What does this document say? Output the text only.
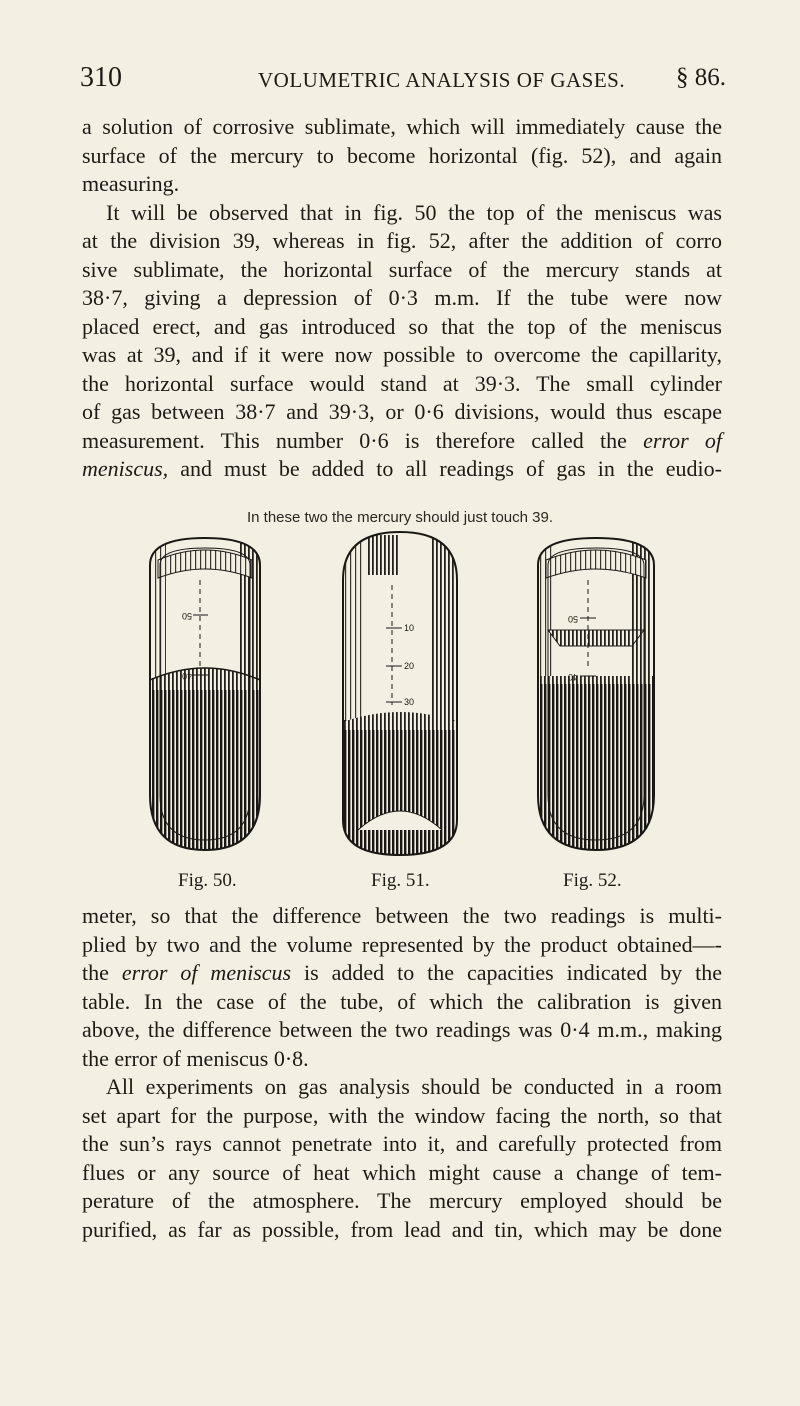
310	VOLUMETRIC ANALYSIS OF GASES. § 86.
a solution of corrosive sublimate, which will immediately cause the
surface of the mercury to become horizontal (fig. 52), and again
measuring.
It will be observed that in fig. 50 the top of the meniscus was
at the division 39, whereas in fig. 52, after the addition of corro
sive sublimate, the horizontal surface of the mercury stands at
38·7, giving a depression of 0·3 m.m. If the tube were now
placed erect, and gas introduced so that the top of the meniscus
was at 39, and if it were now possible to overcome the capillarity,
the horizontal surface would stand at 39·3. The small cylinder
of gas between 38·7 and 39·3, or 0·6 divisions, would thus escape
measurement. This number 0·6 is therefore called the error of
meniscus, and must be added to all readings of gas in the eudio-
In these two the mercury should just touch 39.
50
40
10
20
30
50
40
Fig. 50.	Fig. 51.	Fig. 52.
meter, so that the difference between the two readings is multi-
plied by two and the volume represented by the product obtained—-
the error of meniscus is added to the capacities indicated by the
table. In the case of the tube, of which the calibration is given
above, the difference between the two readings was 0·4 m.m., making
the error of meniscus 0·8.
All experiments on gas analysis should be conducted in a room
set apart for the purpose, with the window facing the north, so that
the sun’s rays cannot penetrate into it, and carefully protected from
flues or any source of heat which might cause a change of tem-
perature of the atmosphere. The mercury employed should be
purified, as far as possible, from lead and tin, which may be done
